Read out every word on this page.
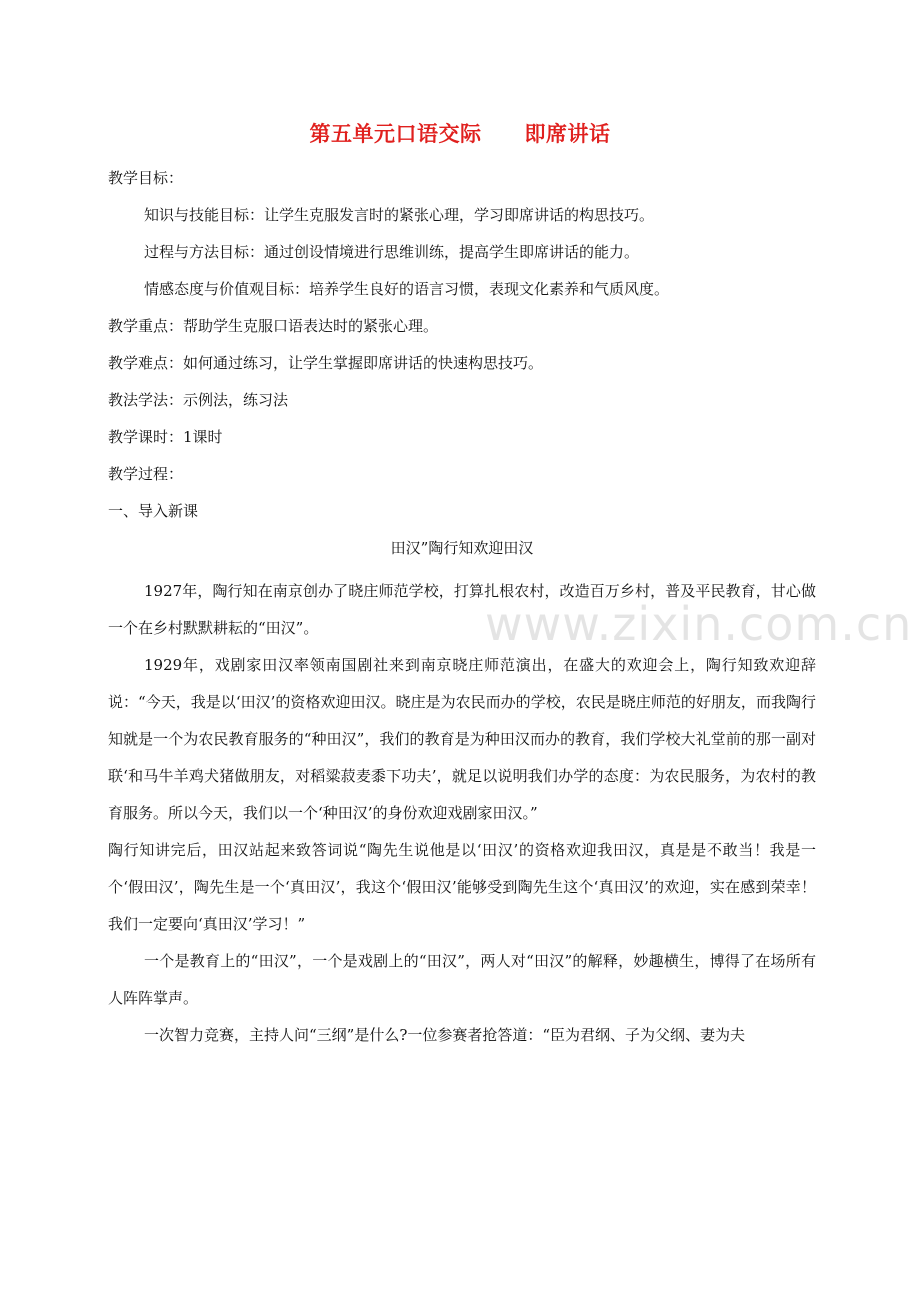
第五单元口语交际　　即席讲话
www.zixin.com.cn

教学目标：

知识与技能目标：让学生克服发言时的紧张心理，学习即席讲话的构思技巧。

过程与方法目标：通过创设情境进行思维训练，提高学生即席讲话的能力。

情感态度与价值观目标：培养学生良好的语言习惯，表现文化素养和气质风度。

教学重点：帮助学生克服口语表达时的紧张心理。

教学难点：如何通过练习，让学生掌握即席讲话的快速构思技巧。

教法学法：示例法，练习法

教学课时：1课时

教学过程：

一、导入新课

田汉”陶行知欢迎田汉

1927年，陶行知在南京创办了晓庄师范学校，打算扎根农村，改造百万乡村，普及平民教育，甘心做一个在乡村默默耕耘的“田汉”。

1929年，戏剧家田汉率领南国剧社来到南京晓庄师范演出，在盛大的欢迎会上，陶行知致欢迎辞说：“今天，我是以‘田汉’的资格欢迎田汉。晓庄是为农民而办的学校，农民是晓庄师范的好朋友，而我陶行知就是一个为农民教育服务的“种田汉”，我们的教育是为种田汉而办的教育，我们学校大礼堂前的那一副对联‘和马牛羊鸡犬猪做朋友，对稻粱菽麦黍下功夫’，就足以说明我们办学的态度：为农民服务，为农村的教育服务。所以今天，我们以一个‘种田汉’的身份欢迎戏剧家田汉。”

陶行知讲完后，田汉站起来致答词说“陶先生说他是以‘田汉’的资格欢迎我田汉，真是是不敢当！我是一个‘假田汉’，陶先生是一个‘真田汉’，我这个‘假田汉’能够受到陶先生这个‘真田汉’的欢迎，实在感到荣幸！我们一定要向‘真田汉’学习！”

一个是教育上的“田汉”，一个是戏剧上的“田汉”，两人对“田汉”的解释，妙趣横生，博得了在场所有人阵阵掌声。

一次智力竞赛，主持人问“三纲”是什么?一位参赛者抢答道：“臣为君纲、子为父纲、妻为夫
